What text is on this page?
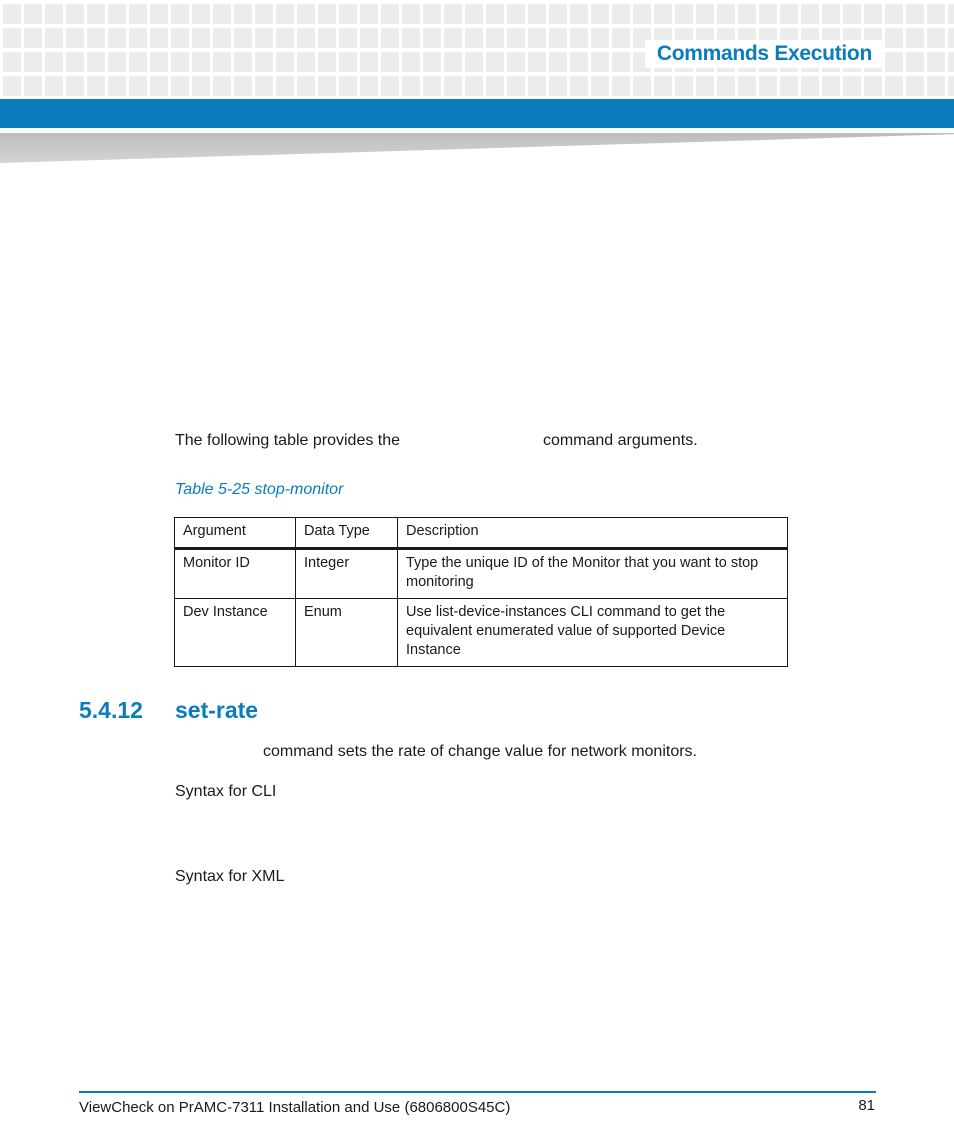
Commands Execution
The following table provides the	command arguments.
Table 5-25 stop-monitor
Argument	Data Type	Description
Monitor ID	Integer	Type the unique ID of the Monitor that you want to stop monitoring
Dev Instance	Enum	Use list-device-instances CLI command to get the equivalent enumerated value of supported Device Instance
5.4.12 set-rate
command sets the rate of change value for network monitors.
Syntax for CLI
Syntax for XML
ViewCheck on PrAMC-7311 Installation and Use (6806800S45C)	81
